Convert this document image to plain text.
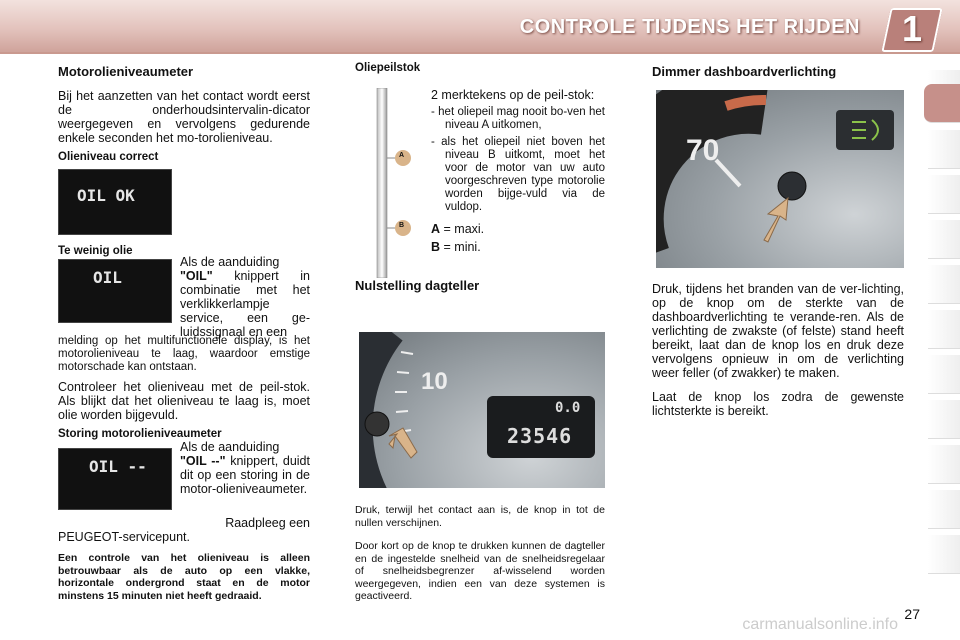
CONTROLE TIJDENS HET RIJDEN 1
Motorolieniveaumeter

Bij het aanzetten van het contact wordt eerst de onderhoudsintervalin-dicator weergegeven en vervolgens gedurende enkele seconden het mo-torolieniveau.

Olieniveau correct
OIL OK
Te weinig olie
OIL

Als de aanduiding
"OIL" knippert in combinatie met het verklikkerlampje service, een ge-luidssignaal en een

melding op het multifunctionele display, is het motorolieniveau te laag, waardoor emstige motorschade kan ontstaan.

Controleer het olieniveau met de peil-stok. Als blijkt dat het olieniveau te laag is, moet olie worden bijgevuld.

Storing motorolieniveaumeter
OIL --

Als de aanduiding
"OIL --" knippert, duidt dit op een storing in de motor-olieniveaumeter.

Raadpleeg een

PEUGEOT-servicepunt.

Een controle van het olieniveau is alleen betrouwbaar als de auto op een vlakke, horizontale ondergrond staat en de motor minstens 15 minuten niet heeft gedraaid.
Oliepeilstok
A
B

2 merktekens op de peil-stok:

- het oliepeil mag nooit bo-ven het niveau A uitkomen,
- als het oliepeil niet boven het niveau B uitkomt, moet het voor de motor van uw auto voorgeschreven type motorolie worden bijge-vuld via de vuldop.

A = maxi.

B = mini.

Nulstelling dagteller
10
0.0
23546

Druk, terwijl het contact aan is, de knop in tot de nullen verschijnen.

Door kort op de knop te drukken kunnen de dagteller en de ingestelde snelheid van de snelheidsregelaar of snelheidsbegrenzer af-wisselend worden weergegeven, indien een van deze systemen is geactiveerd.

Dimmer dashboardverlichting
70

Druk, tijdens het branden van de ver-lichting, op de knop om de sterkte van de dashboardverlichting te verande-ren. Als de verlichting de zwakste (of felste) stand heeft bereikt, laat dan de knop los en druk deze vervolgens opnieuw in om de verlichting weer feller (of zwakker) te maken.

Laat de knop los zodra de gewenste lichtsterkte is bereikt.

27
carmanualsonline.info
